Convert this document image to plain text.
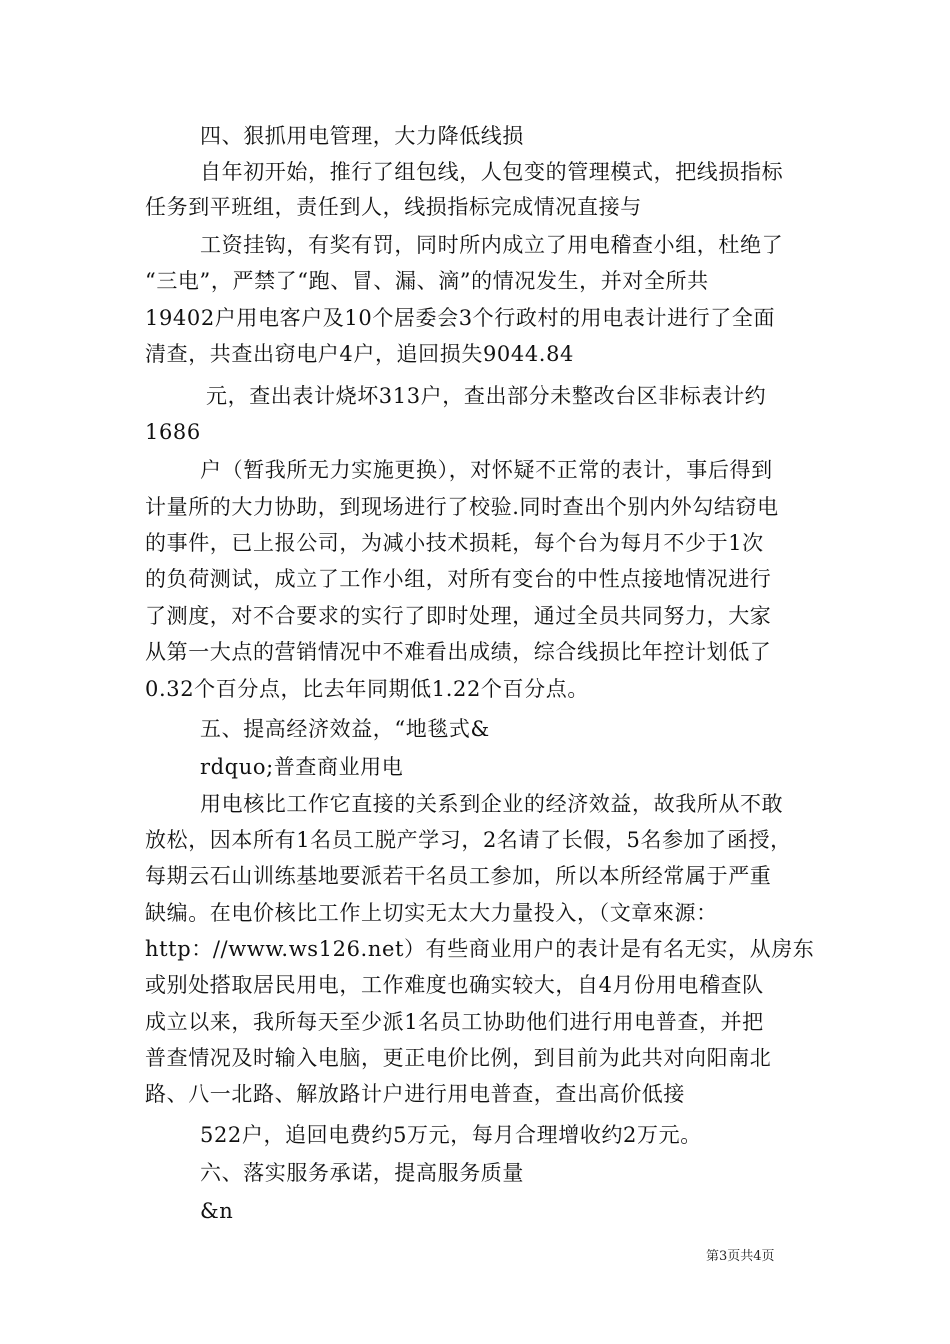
四、狠抓用电管理，大力降低线损
自年初开始，推行了组包线，人包变的管理模式，把线损指标
任务到平班组，责任到人，线损指标完成情况直接与
工资挂钩，有奖有罚，同时所内成立了用电稽查小组，杜绝了
“三电”，严禁了“跑、冒、漏、滴”的情况发生，并对全所共
19402户用电客户及10个居委会3个行政村的用电表计进行了全面
清查，共查出窃电户4户，追回损失9044.84
元，查出表计烧坏313户，查出部分未整改台区非标表计约
1686
户（暂我所无力实施更换），对怀疑不正常的表计，事后得到
计量所的大力协助，到现场进行了校验.同时查出个别内外勾结窃电
的事件，已上报公司，为减小技术损耗，每个台为每月不少于1次
的负荷测试，成立了工作小组，对所有变台的中性点接地情况进行
了测度，对不合要求的实行了即时处理，通过全员共同努力，大家
从第一大点的营销情况中不难看出成绩，综合线损比年控计划低了
0.32个百分点，比去年同期低1.22个百分点。
五、提高经济效益，“地毯式&
rdquo;普查商业用电
用电核比工作它直接的关系到企业的经济效益，故我所从不敢
放松，因本所有1名员工脱产学习，2名请了长假，5名参加了函授，
每期云石山训练基地要派若干名员工参加，所以本所经常属于严重
缺编。在电价核比工作上切实无太大力量投入，（文章來源：
http：//www.ws126.net）有些商业用户的表计是有名无实，从房东
或别处搭取居民用电，工作难度也确实较大，自4月份用电稽查队
成立以来，我所每天至少派1名员工协助他们进行用电普查，并把
普查情况及时输入电脑，更正电价比例，到目前为此共对向阳南北
路、八一北路、解放路计户进行用电普查，查出高价低接
522户，追回电费约5万元，每月合理增收约2万元。
六、落实服务承诺，提高服务质量
&n
第3页共4页
